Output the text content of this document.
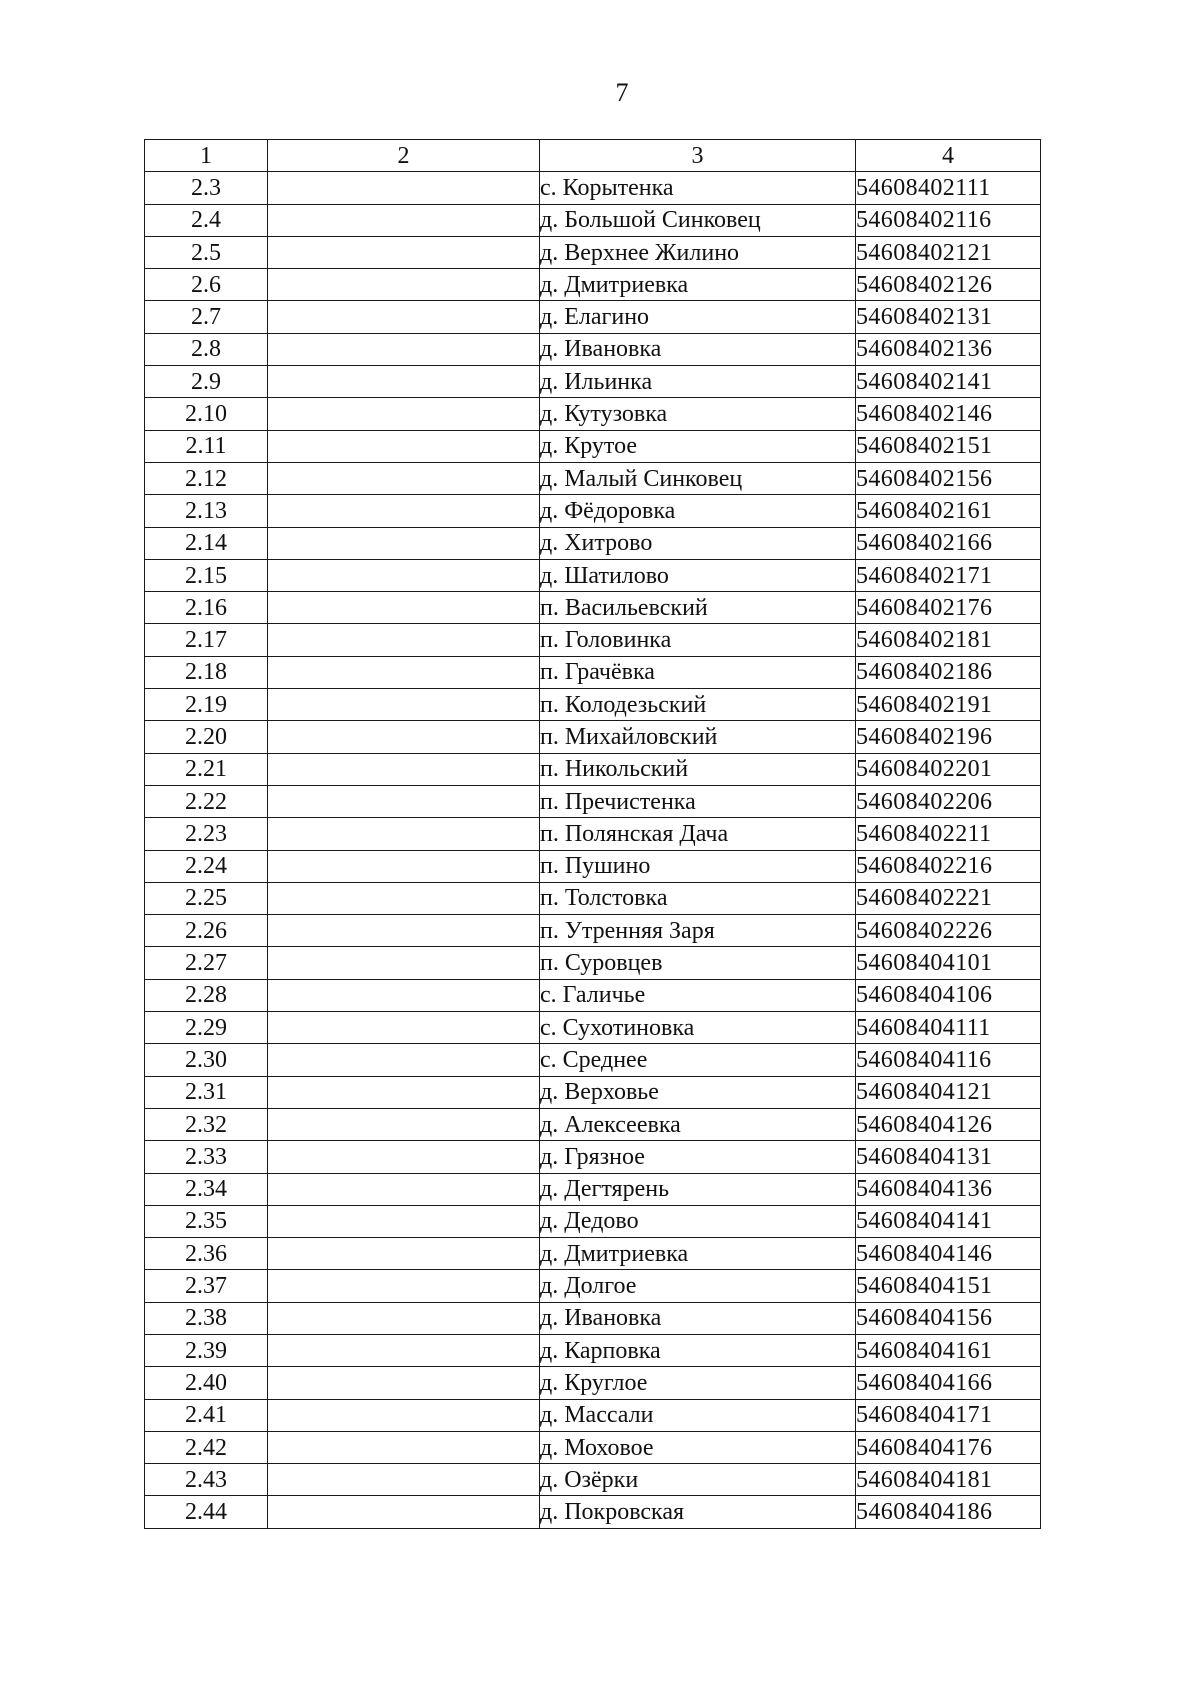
7
1	2	3	4
2.3		с. Корытенка	54608402111
2.4		д. Большой Синковец	54608402116
2.5		д. Верхнее Жилино	54608402121
2.6		д. Дмитриевка	54608402126
2.7		д. Елагино	54608402131
2.8		д. Ивановка	54608402136
2.9		д. Ильинка	54608402141
2.10		д. Кутузовка	54608402146
2.11		д. Крутое	54608402151
2.12		д. Малый Синковец	54608402156
2.13		д. Фёдоровка	54608402161
2.14		д. Хитрово	54608402166
2.15		д. Шатилово	54608402171
2.16		п. Васильевский	54608402176
2.17		п. Головинка	54608402181
2.18		п. Грачёвка	54608402186
2.19		п. Колодезьский	54608402191
2.20		п. Михайловский	54608402196
2.21		п. Никольский	54608402201
2.22		п. Пречистенка	54608402206
2.23		п. Полянская Дача	54608402211
2.24		п. Пушино	54608402216
2.25		п. Толстовка	54608402221
2.26		п. Утренняя Заря	54608402226
2.27		п. Суровцев	54608404101
2.28		с. Галичье	54608404106
2.29		с. Сухотиновка	54608404111
2.30		с. Среднее	54608404116
2.31		д. Верховье	54608404121
2.32		д. Алексеевка	54608404126
2.33		д. Грязное	54608404131
2.34		д. Дегтярень	54608404136
2.35		д. Дедово	54608404141
2.36		д. Дмитриевка	54608404146
2.37		д. Долгое	54608404151
2.38		д. Ивановка	54608404156
2.39		д. Карповка	54608404161
2.40		д. Круглое	54608404166
2.41		д. Массали	54608404171
2.42		д. Моховое	54608404176
2.43		д. Озёрки	54608404181
2.44		д. Покровская	54608404186
